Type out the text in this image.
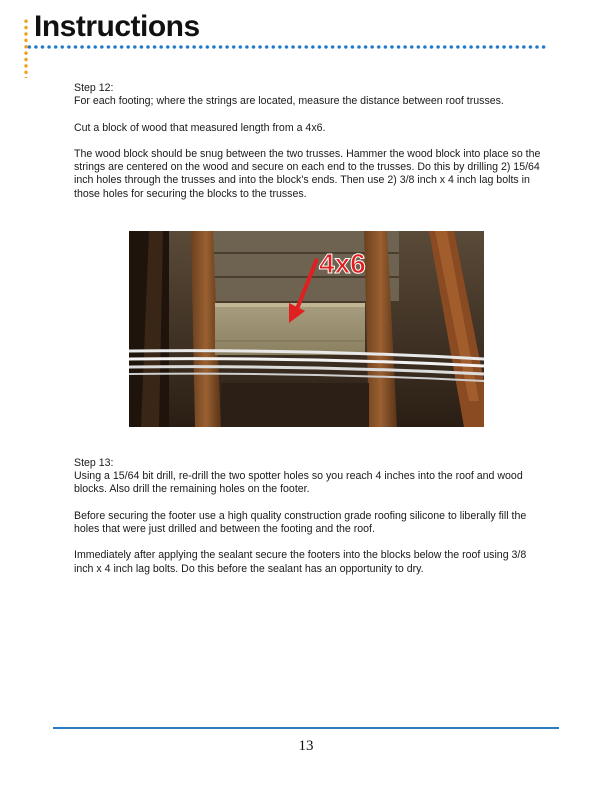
Instructions
Step 12:

For each footing; where the strings are located, measure the distance between roof trusses.

Cut a block of wood that measured length from a 4x6.

The wood block should be snug between the two trusses. Hammer the wood block into place so the strings are centered on the wood and secure on each end to the trusses. Do this by drilling 2) 15/64 inch holes through the trusses and into the block's ends. Then use 2) 3/8 inch x 4 inch lag bolts in those holes for securing the blocks to the trusses.

4x6
Step 13:

Using a 15/64 bit drill, re-drill the two spotter holes so you reach 4 inches into the roof and wood blocks. Also drill the remaining holes on the footer.

Before securing the footer use a high quality construction grade roofing silicone to liberally fill the holes that were just drilled and between the footing and the roof.

Immediately after applying the sealant secure the footers into the blocks below the roof using 3/8 inch x 4 inch lag bolts. Do this before the sealant has an opportunity to dry.

13
